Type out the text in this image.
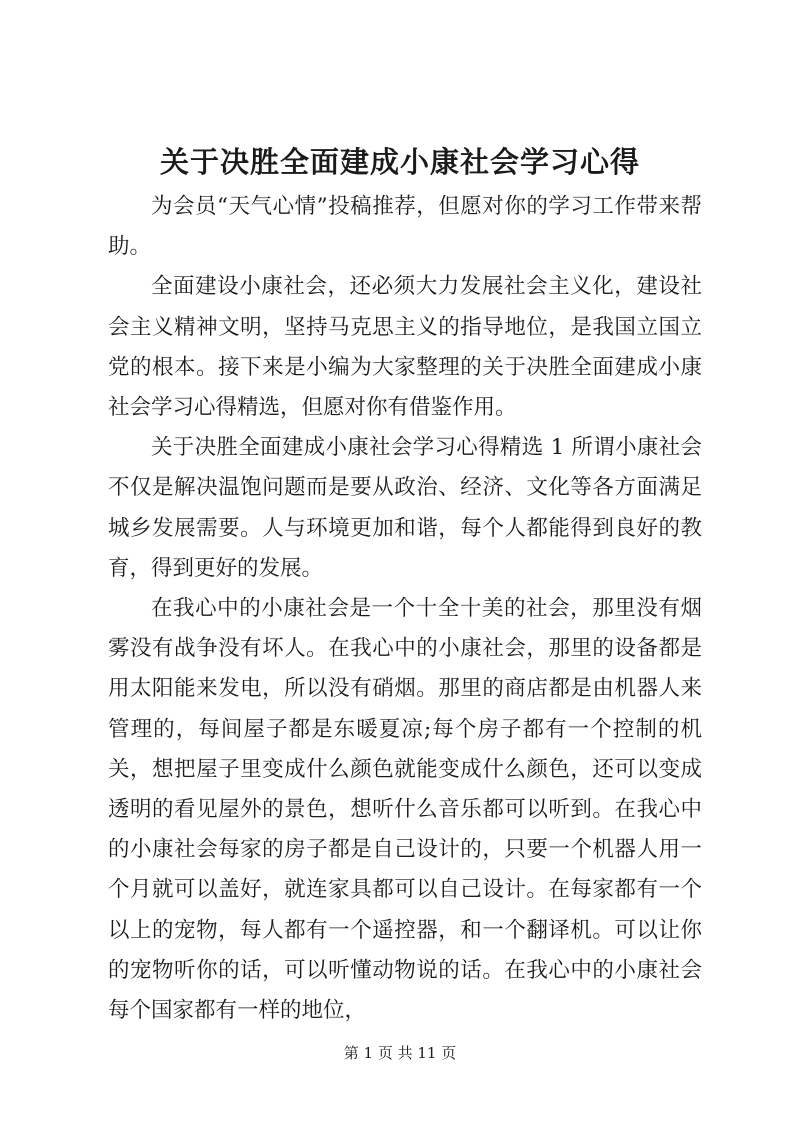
关于决胜全面建成小康社会学习心得

为会员“天气心情”投稿推荐，但愿对你的学习工作带来帮助。

全面建设小康社会，还必须大力发展社会主义化，建设社会主义精神文明，坚持马克思主义的指导地位，是我国立国立党的根本。接下来是小编为大家整理的关于决胜全面建成小康社会学习心得精选，但愿对你有借鉴作用。

关于决胜全面建成小康社会学习心得精选 1 所谓小康社会不仅是解决温饱问题而是要从政治、经济、文化等各方面满足城乡发展需要。人与环境更加和谐，每个人都能得到良好的教育，得到更好的发展。

在我心中的小康社会是一个十全十美的社会，那里没有烟雾没有战争没有坏人。在我心中的小康社会，那里的设备都是用太阳能来发电，所以没有硝烟。那里的商店都是由机器人来管理的，每间屋子都是东暖夏凉;每个房子都有一个控制的机关，想把屋子里变成什么颜色就能变成什么颜色，还可以变成透明的看见屋外的景色，想听什么音乐都可以听到。在我心中的小康社会每家的房子都是自己设计的，只要一个机器人用一个月就可以盖好，就连家具都可以自己设计。在每家都有一个以上的宠物，每人都有一个遥控器，和一个翻译机。可以让你的宠物听你的话，可以听懂动物说的话。在我心中的小康社会每个国家都有一样的地位，

第 1 页 共 11 页
